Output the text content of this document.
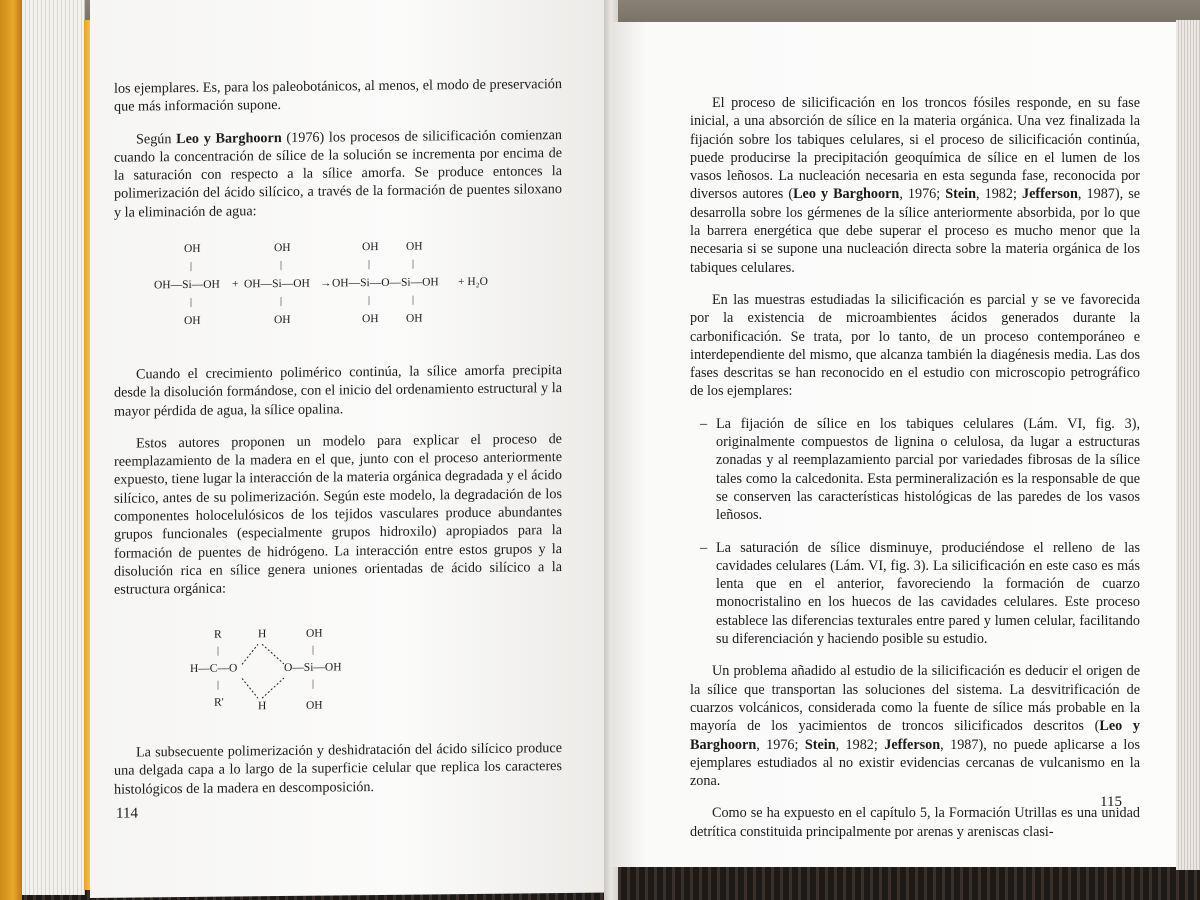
los ejemplares. Es, para los paleobotánicos, al menos, el modo de preservación que más información supone.

Según Leo y Barghoorn (1976) los procesos de silicificación comienzan cuando la concentración de sílice de la solución se incrementa por encima de la saturación con respecto a la sílice amorfa. Se produce entonces la polimerización del ácido silícico, a través de la formación de puentes siloxano y la eliminación de agua:

OH
|
OH—Si—OH
|
OH
+
OH
|
OH—Si—OH
|
OH
→
OH OH
|	|
OH—Si—O—Si—OH
|	|
OH OH
+ H₂O

Cuando el crecimiento polimérico continúa, la sílice amorfa precipita desde la disolución formándose, con el inicio del ordenamiento estructural y la mayor pérdida de agua, la sílice opalina.

Estos autores proponen un modelo para explicar el proceso de reemplazamiento de la madera en el que, junto con el proceso anteriormente expuesto, tiene lugar la interacción de la materia orgánica degradada y el ácido silícico, antes de su polimerización. Según este modelo, la degradación de los componentes holocelulósicos de los tejidos vasculares produce abundantes grupos funcionales (especialmente grupos hidroxilo) apropiados para la formación de puentes de hidrógeno. La interacción entre estos grupos y la disolución rica en sílice genera uniones orientadas de ácido silícico a la estructura orgánica:

R
|
H	OH
|
H—C—O	O—Si—OH
|	|
R'	H	OH

La subsecuente polimerización y deshidratación del ácido silícico produce una delgada capa a lo largo de la superficie celular que replica los caracteres histológicos de la madera en descomposición.

114

El proceso de silicificación en los troncos fósiles responde, en su fase inicial, a una absorción de sílice en la materia orgánica. Una vez finalizada la fijación sobre los tabiques celulares, si el proceso de silicificación continúa, puede producirse la precipitación geoquímica de sílice en el lumen de los vasos leñosos. La nucleación necesaria en esta segunda fase, reconocida por diversos autores (Leo y Barghoorn, 1976; Stein, 1982; Jefferson, 1987), se desarrolla sobre los gérmenes de la sílice anteriormente absorbida, por lo que la barrera energética que debe superar el proceso es mucho menor que la necesaria si se supone una nucleación directa sobre la materia orgánica de los tabiques celulares.

En las muestras estudiadas la silicificación es parcial y se ve favorecida por la existencia de microambientes ácidos generados durante la carbonificación. Se trata, por lo tanto, de un proceso contemporáneo e interdependiente del mismo, que alcanza también la diagénesis media. Las dos fases descritas se han reconocido en el estudio con microscopio petrográfico de los ejemplares:

– La fijación de sílice en los tabiques celulares (Lám. VI, fig. 3), originalmente compuestos de lignina o celulosa, da lugar a estructuras zonadas y al reemplazamiento parcial por variedades fibrosas de la sílice tales como la calcedonita. Esta permineralización es la responsable de que se conserven las características histológicas de las paredes de los vasos leñosos.

– La saturación de sílice disminuye, produciéndose el relleno de las cavidades celulares (Lám. VI, fig. 3). La silicificación en este caso es más lenta que en el anterior, favoreciendo la formación de cuarzo monocristalino en los huecos de las cavidades celulares. Este proceso establece las diferencias texturales entre pared y lumen celular, facilitando su diferenciación y haciendo posible su estudio.

Un problema añadido al estudio de la silicificación es deducir el origen de la sílice que transportan las soluciones del sistema. La desvitrificación de cuarzos volcánicos, considerada como la fuente de sílice más probable en la mayoría de los yacimientos de troncos silicificados descritos (Leo y Barghoorn, 1976; Stein, 1982; Jefferson, 1987), no puede aplicarse a los ejemplares estudiados al no existir evidencias cercanas de vulcanismo en la zona.

Como se ha expuesto en el capítulo 5, la Formación Utrillas es una unidad detrítica constituida principalmente por arenas y areniscas clasi-

115
